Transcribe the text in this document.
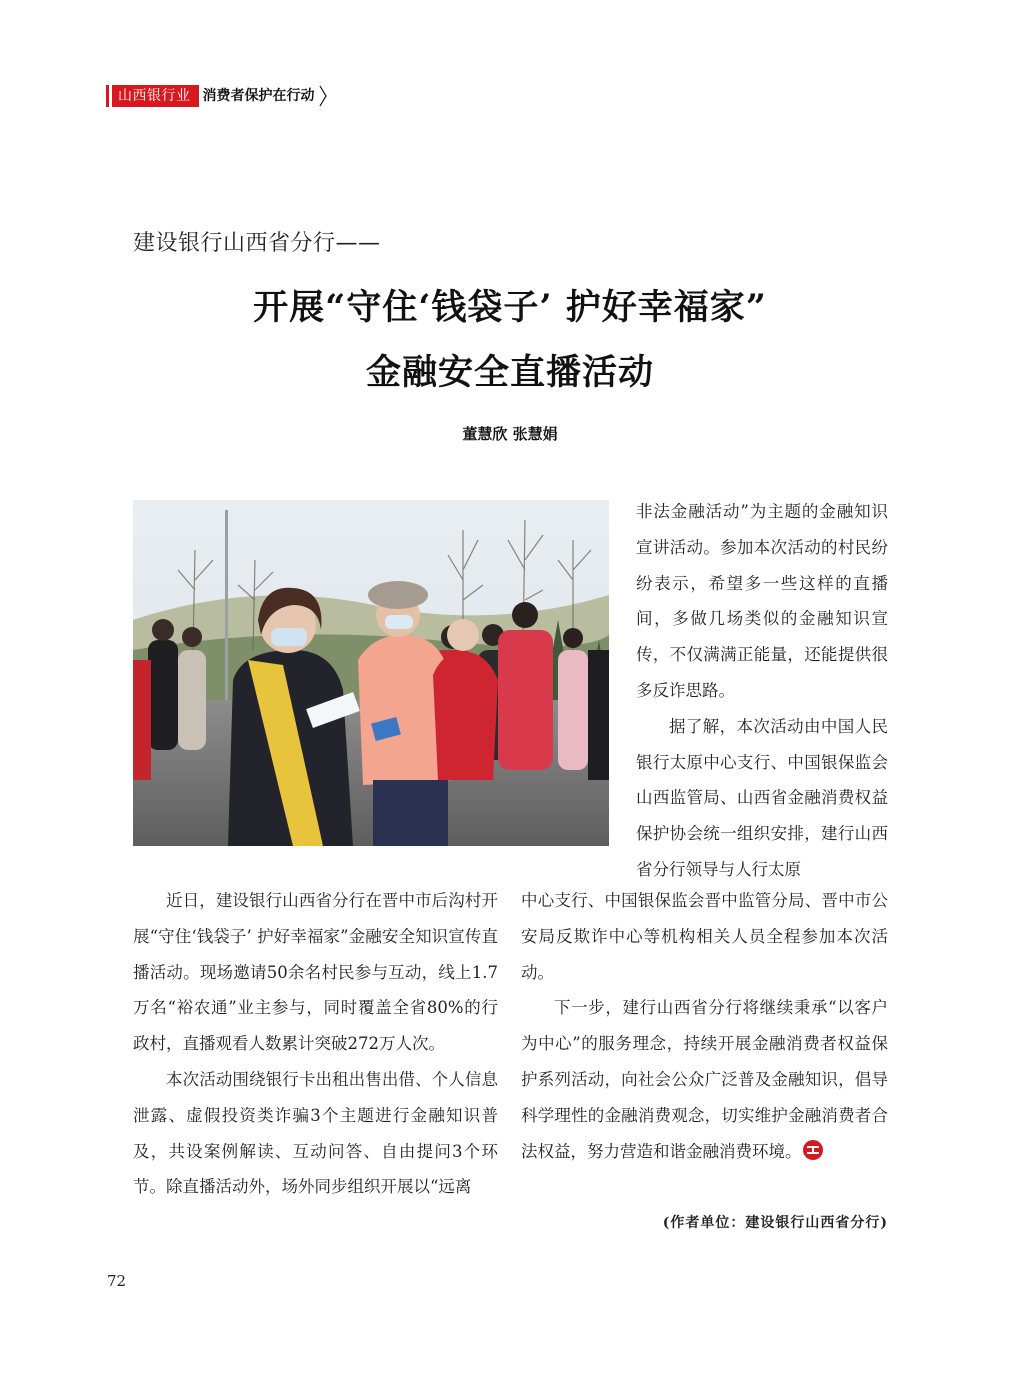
山西银行业 消费者保护在行动
建设银行山西省分行——
开展“守住‘钱袋子’ 护好幸福家”
金融安全直播活动
董慧欣 张慧娟

非法金融活动”为主题的金融知识宣讲活动。参加本次活动的村民纷纷表示，希望多一些这样的直播间，多做几场类似的金融知识宣传，不仅满满正能量，还能提供很多反诈思路。

据了解，本次活动由中国人民银行太原中心支行、中国银保监会山西监管局、山西省金融消费权益保护协会统一组织安排，建行山西省分行领导与人行太原

近日，建设银行山西省分行在晋中市后沟村开展“守住‘钱袋子’ 护好幸福家”金融安全知识宣传直播活动。现场邀请50余名村民参与互动，线上1.7万名“裕农通”业主参与，同时覆盖全省80%的行政村，直播观看人数累计突破272万人次。

本次活动围绕银行卡出租出售出借、个人信息泄露、虚假投资类诈骗3个主题进行金融知识普及，共设案例解读、互动问答、自由提问3个环节。除直播活动外，场外同步组织开展以“远离

中心支行、中国银保监会晋中监管分局、晋中市公安局反欺诈中心等机构相关人员全程参加本次活动。

下一步，建行山西省分行将继续秉承“以客户为中心”的服务理念，持续开展金融消费者权益保护系列活动，向社会公众广泛普及金融知识，倡导科学理性的金融消费观念，切实维护金融消费者合法权益，努力营造和谐金融消费环境。

(作者单位：建设银行山西省分行)
72
